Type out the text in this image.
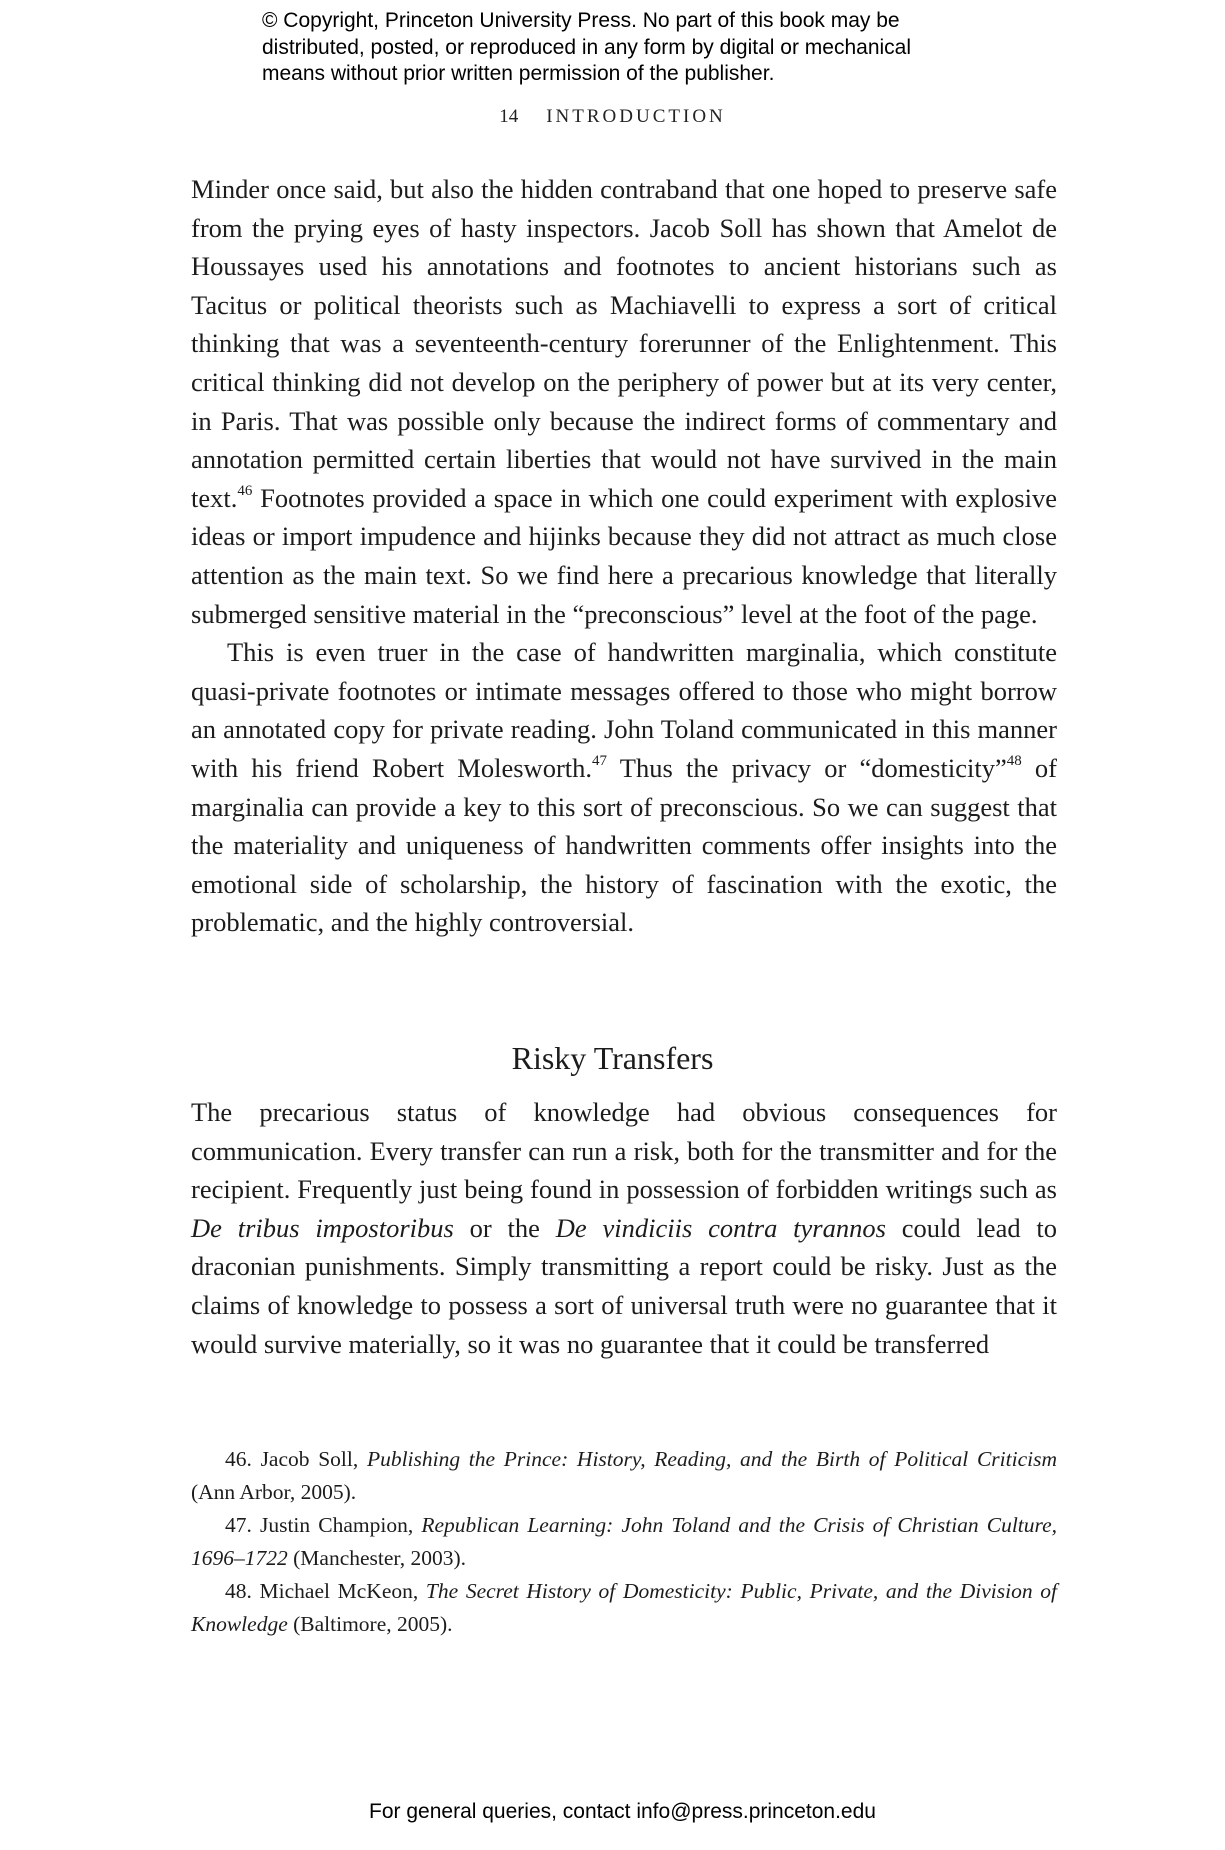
© Copyright, Princeton University Press. No part of this book may be
distributed, posted, or reproduced in any form by digital or mechanical
means without prior written permission of the publisher.
14 INTRODUCTION

Minder once said, but also the hidden contraband that one hoped to preserve safe from the prying eyes of hasty inspectors. Jacob Soll has shown that Amelot de Houssayes used his annotations and footnotes to ancient historians such as Tacitus or political theorists such as Machiavelli to express a sort of critical thinking that was a seventeenth-century forerunner of the Enlightenment. This critical thinking did not develop on the periphery of power but at its very center, in Paris. That was possible only because the indirect forms of commentary and annotation permitted certain liberties that would not have survived in the main text.$^{46}$ Footnotes provided a space in which one could experiment with explosive ideas or import impudence and hijinks because they did not attract as much close attention as the main text. So we find here a precarious knowledge that literally submerged sensitive material in the “preconscious” level at the foot of the page.

This is even truer in the case of handwritten marginalia, which constitute quasi-private footnotes or intimate messages offered to those who might borrow an annotated copy for private reading. John Toland communicated in this manner with his friend Robert Molesworth.$^{47}$ Thus the privacy or “domesticity”$^{48}$ of marginalia can provide a key to this sort of preconscious. So we can suggest that the materiality and uniqueness of handwritten comments offer insights into the emotional side of scholarship, the history of fascination with the exotic, the problematic, and the highly controversial.

Risky Transfers

The precarious status of knowledge had obvious consequences for communication. Every transfer can run a risk, both for the transmitter and for the recipient. Frequently just being found in possession of forbidden writings such as De tribus impostoribus or the De vindiciis contra tyrannos could lead to draconian punishments. Simply transmitting a report could be risky. Just as the claims of knowledge to possess a sort of universal truth were no guarantee that it would survive materially, so it was no guarantee that it could be transferred

46. Jacob Soll, Publishing the Prince: History, Reading, and the Birth of Political Criticism (Ann Arbor, 2005).

47. Justin Champion, Republican Learning: John Toland and the Crisis of Christian Culture, 1696–1722 (Manchester, 2003).

48. Michael McKeon, The Secret History of Domesticity: Public, Private, and the Division of Knowledge (Baltimore, 2005).

For general queries, contact info@press.princeton.edu
